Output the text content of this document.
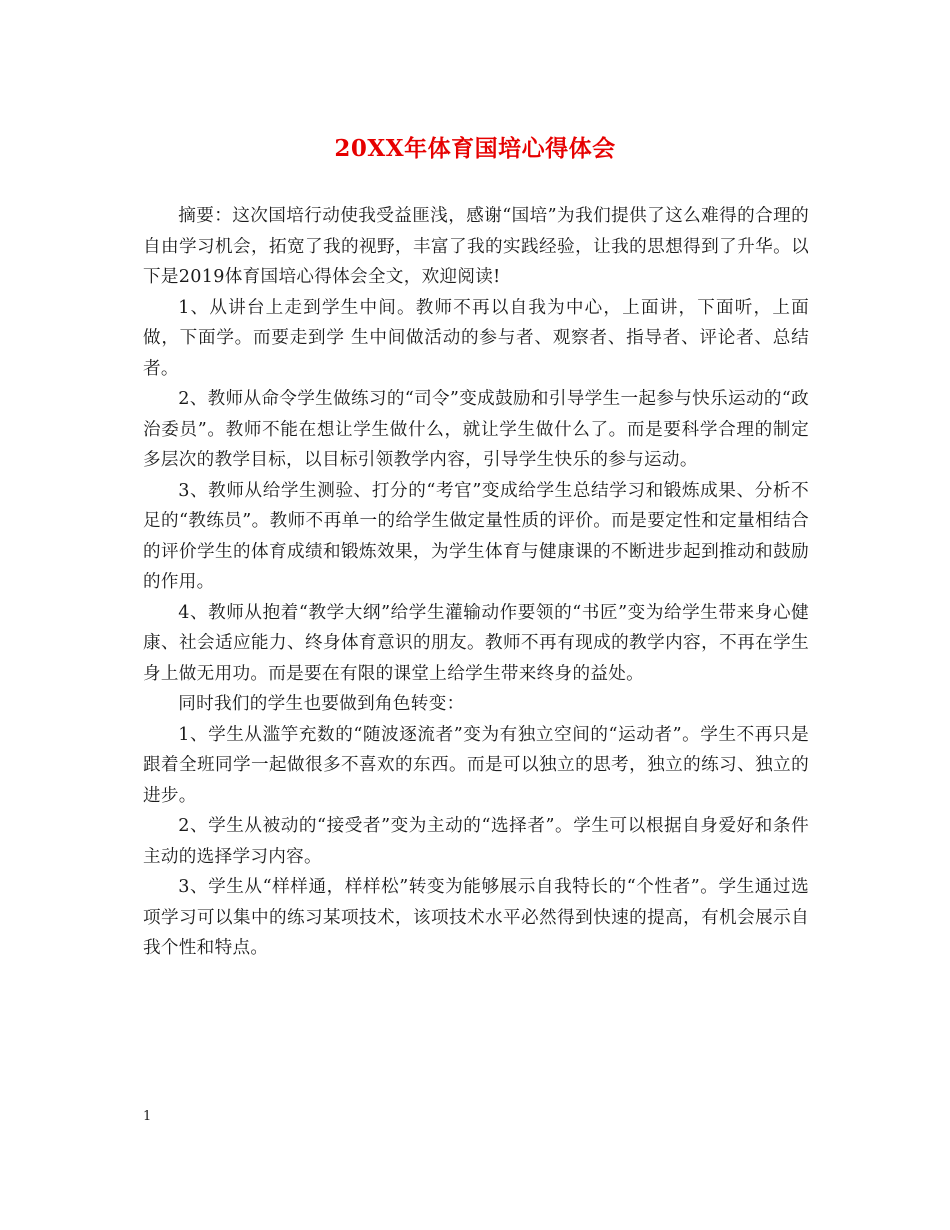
20XX年体育国培心得体会

摘要：这次国培行动使我受益匪浅，感谢“国培”为我们提供了这么难得的合理的自由学习机会，拓宽了我的视野，丰富了我的实践经验，让我的思想得到了升华。以下是2019体育国培心得体会全文，欢迎阅读!

1、从讲台上走到学生中间。教师不再以自我为中心，上面讲，下面听，上面做，下面学。而要走到学 生中间做活动的参与者、观察者、指导者、评论者、总结者。

2、教师从命令学生做练习的“司令”变成鼓励和引导学生一起参与快乐运动的“政治委员”。教师不能在想让学生做什么，就让学生做什么了。而是要科学合理的制定多层次的教学目标，以目标引领教学内容，引导学生快乐的参与运动。

3、教师从给学生测验、打分的“考官”变成给学生总结学习和锻炼成果、分析不足的“教练员”。教师不再单一的给学生做定量性质的评价。而是要定性和定量相结合的评价学生的体育成绩和锻炼效果，为学生体育与健康课的不断进步起到推动和鼓励的作用。

4、教师从抱着“教学大纲”给学生灌输动作要领的“书匠”变为给学生带来身心健康、社会适应能力、终身体育意识的朋友。教师不再有现成的教学内容，不再在学生身上做无用功。而是要在有限的课堂上给学生带来终身的益处。

同时我们的学生也要做到角色转变：

1、学生从滥竽充数的“随波逐流者”变为有独立空间的“运动者”。学生不再只是跟着全班同学一起做很多不喜欢的东西。而是可以独立的思考，独立的练习、独立的进步。

2、学生从被动的“接受者”变为主动的“选择者”。学生可以根据自身爱好和条件主动的选择学习内容。

3、学生从“样样通，样样松”转变为能够展示自我特长的“个性者”。学生通过选项学习可以集中的练习某项技术，该项技术水平必然得到快速的提高，有机会展示自我个性和特点。

1
